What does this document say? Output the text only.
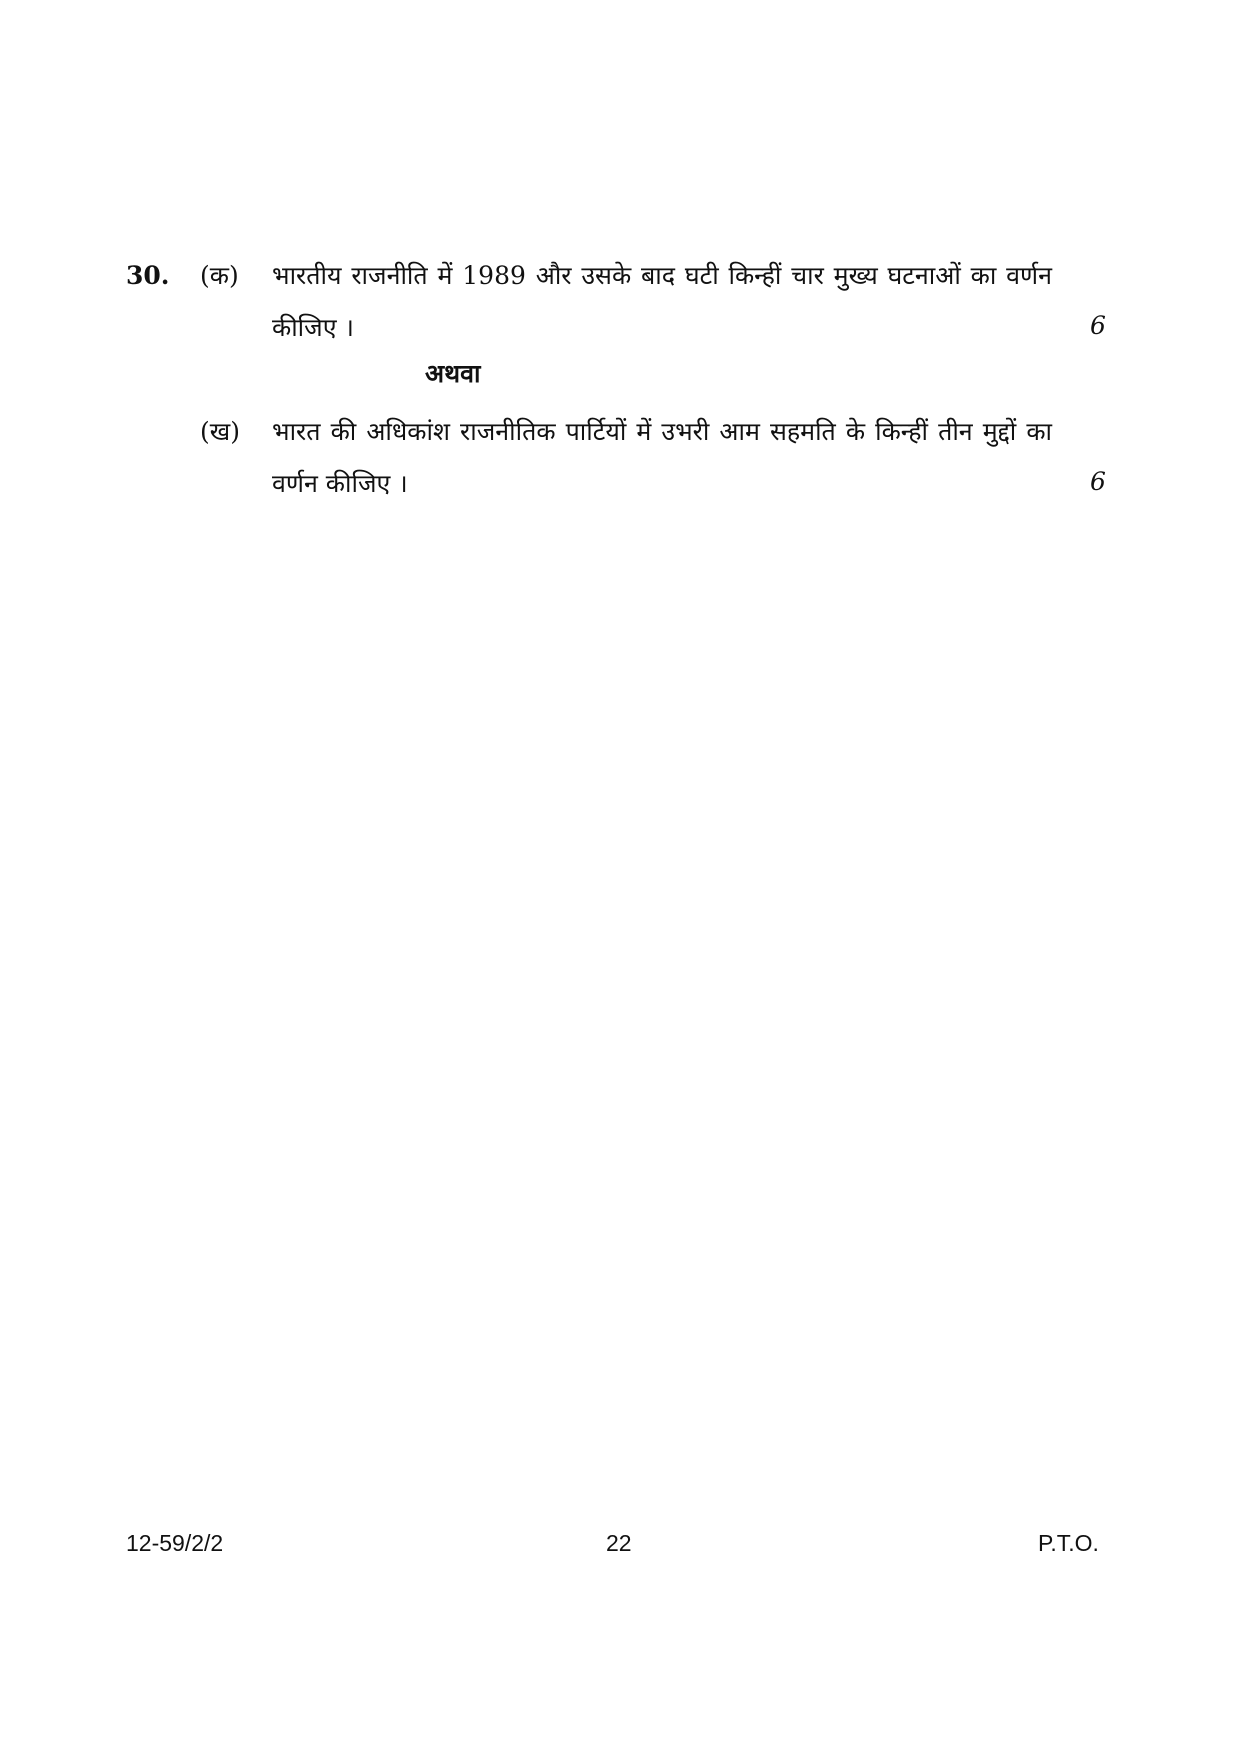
30. (क) भारतीय राजनीति में 1989 और उसके बाद घटी किन्हीं चार मुख्य घटनाओं का वर्णन कीजिए ।	6
अथवा
(ख) भारत की अधिकांश राजनीतिक पार्टियों में उभरी आम सहमति के किन्हीं तीन मुद्दों का वर्णन कीजिए ।	6
12-59/2/2	22	P.T.O.
